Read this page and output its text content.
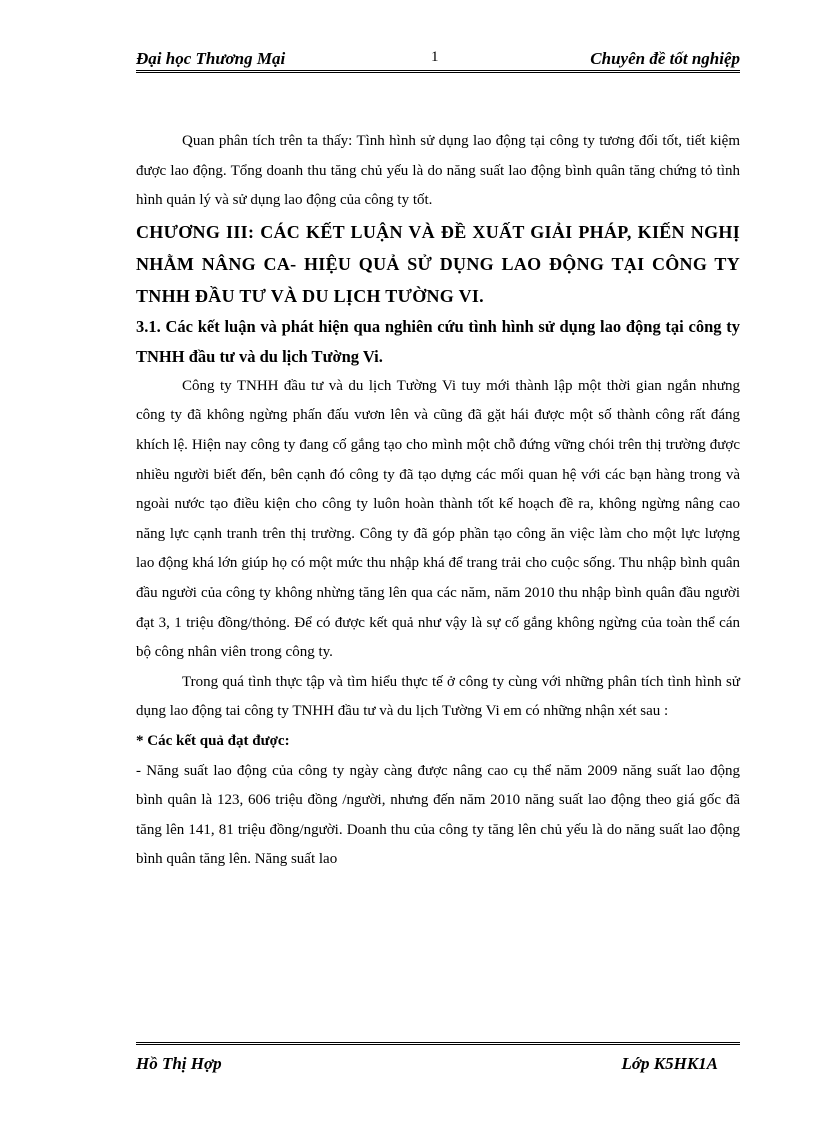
Đại học Thương Mại	1	Chuyên đề tốt nghiệp

Quan phân tích trên ta thấy: Tình hình sử dụng lao động tại công ty tương đối tốt, tiết kiệm được lao động. Tổng doanh thu tăng chủ yếu là do năng suất lao động bình quân tăng chứng tỏ tình hình quản lý và sử dụng lao động của công ty tốt.

CHƯƠNG III: CÁC KẾT LUẬN VÀ ĐỀ XUẤT GIẢI PHÁP, KIẾN NGHỊ NHẰM NÂNG CA- HIỆU QUẢ SỬ DỤNG LAO ĐỘNG TẠI CÔNG TY TNHH ĐẦU TƯ VÀ DU LỊCH TƯỜNG VI.
3.1. Các kết luận và phát hiện qua nghiên cứu tình hình sử dụng lao động tại công ty TNHH đầu tư và du lịch Tường Vi.

Công ty TNHH đầu tư và du lịch Tường Vi tuy mới thành lập một thời gian ngắn nhưng công ty đã không ngừng phấn đấu vươn lên và cũng đã gặt hái được một số thành công rất đáng khích lệ. Hiện nay công ty đang cố gắng tạo cho mình một chỗ đứng vững chói trên thị trường được nhiều người biết đến, bên cạnh đó công ty đã tạo dựng các mối quan hệ với các bạn hàng trong và ngoài nước tạo điều kiện cho công ty luôn hoàn thành tốt kế hoạch đề ra, không ngừng nâng cao năng lực cạnh tranh trên thị trường. Công ty đã góp phần tạo công ăn việc làm cho một lực lượng lao động khá lớn giúp họ có một mức thu nhập khá để trang trải cho cuộc sống. Thu nhập bình quân đầu người của công ty không nhừng tăng lên qua các năm, năm 2010 thu nhập bình quân đầu người đạt 3, 1 triệu đồng/thỏng. Để có được kết quả như vậy là sự cố gắng không ngừng của toàn thể cán bộ công nhân viên trong công ty.

Trong quá tình thực tập và tìm hiểu thực tế ở công ty cùng với những phân tích tình hình sử dụng lao động tai công ty TNHH đầu tư và du lịch Tường Vi em có những nhận xét sau :

* Các kết quả đạt được:

- Năng suất lao động của công ty ngày càng được nâng cao cụ thể năm 2009 năng suất lao động bình quân là 123, 606 triệu đồng /người, nhưng đến năm 2010 năng suất lao động theo giá gốc đã tăng lên 141, 81 triệu đồng/người. Doanh thu của công ty tăng lên chủ yếu là do năng suất lao động bình quân tăng lên. Năng suất lao

Hồ Thị Hợp	Lớp K5HK1A
